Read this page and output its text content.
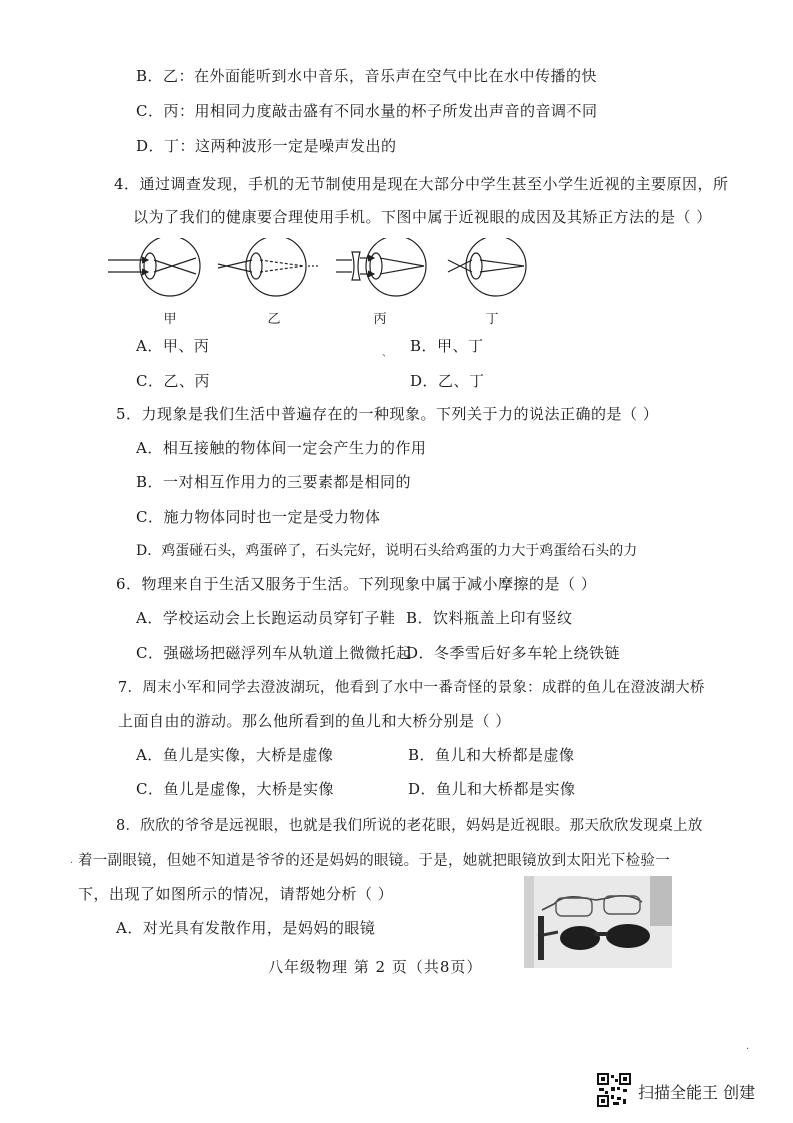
B．乙：在外面能听到水中音乐，音乐声在空气中比在水中传播的快
C．丙：用相同力度敲击盛有不同水量的杯子所发出声音的音调不同
D．丁：这两种波形一定是噪声发出的
4．通过调查发现，手机的无节制使用是现在大部分中学生甚至小学生近视的主要原因，所
以为了我们的健康要合理使用手机。下图中属于近视眼的成因及其矫正方法的是（ ）
甲	乙	丙	丁
A．甲、丙	B．甲、丁
C．乙、丙	D．乙、丁
5．力现象是我们生活中普遍存在的一种现象。下列关于力的说法正确的是（ ）
A．相互接触的物体间一定会产生力的作用
B．一对相互作用力的三要素都是相同的
C．施力物体同时也一定是受力物体
D．鸡蛋碰石头，鸡蛋碎了，石头完好，说明石头给鸡蛋的力大于鸡蛋给石头的力
6．物理来自于生活又服务于生活。下列现象中属于减小摩擦的是（ ）
A．学校运动会上长跑运动员穿钉子鞋 B．饮料瓶盖上印有竖纹
C．强磁场把磁浮列车从轨道上微微托起
D．冬季雪后好多车轮上绕铁链
7．周末小军和同学去澄波湖玩，他看到了水中一番奇怪的景象：成群的鱼儿在澄波湖大桥
上面自由的游动。那么他所看到的鱼儿和大桥分别是（ ）
A．鱼儿是实像，大桥是虚像	B．鱼儿和大桥都是虚像
C．鱼儿是虚像，大桥是实像	D．鱼儿和大桥都是实像
8．欣欣的爷爷是远视眼，也就是我们所说的老花眼，妈妈是近视眼。那天欣欣发现桌上放
着一副眼镜，但她不知道是爷爷的还是妈妈的眼镜。于是，她就把眼镜放到太阳光下检验一
下，出现了如图所示的情况，请帮她分析（ ）
A．对光具有发散作用，是妈妈的眼镜
八年级物理 第 2 页（共8页）
、
·
·
扫描全能王 创建
